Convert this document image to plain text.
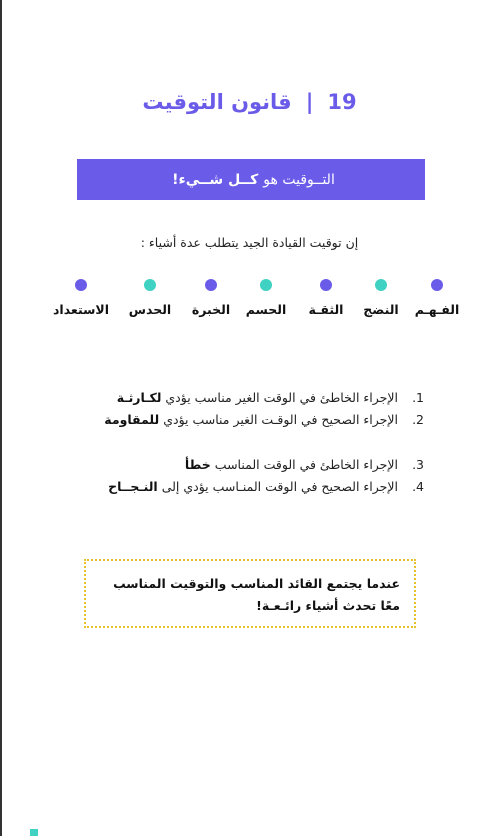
19|قانون التوقيت
التــوقيت هو
كــل شــيء!
إن توقيت القيادة الجيد يتطلب عدة أشياء :
الفـهـم
النضج
الثقـة
الحسم
الخبرة
الحدس
الاستعداد
1. الإجراء الخاطئ في الوقت الغير مناسب يؤدي لكـارثـة
2. الإجراء الصحيح في الوقـت الغير مناسب يؤدي للمقاومة
3. الإجراء الخاطئ في الوقت المناسب خطأ
4. الإجراء الصحيح في الوقت المنـاسب يؤدي إلى النـجــاح
عندما يجتمع القائد المناسب والتوقيت المناسب
معًا تحدث أشياء رائـعـة!
